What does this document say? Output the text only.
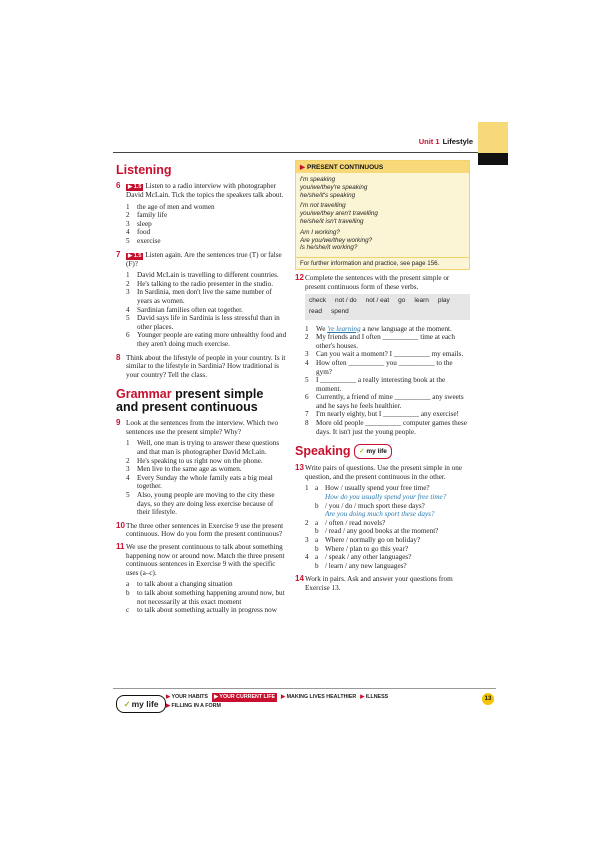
Unit 1 Lifestyle
Listening
6 ▶ 1.5 Listen to a radio interview with photographer David McLain. Tick the topics the speakers talk about.
1 the age of men and women
2 family life
3 sleep
4 food
5 exercise
7 ▶ 1.5 Listen again. Are the sentences true (T) or false (F)?
1 David McLain is travelling to different countries.
2 He's talking to the radio presenter in the studio.
3 In Sardinia, men don't live the same number of years as women.
4 Sardinian families often eat together.
5 David says life in Sardinia is less stressful than in other places.
6 Younger people are eating more unhealthy food and they aren't doing much exercise.
8 Think about the lifestyle of people in your country. Is it similar to the lifestyle in Sardinia? How traditional is your country? Tell the class.
Grammar present simple and present continuous
9 Look at the sentences from the interview. Which two sentences use the present simple? Why?
1 Well, one man is trying to answer these questions and that man is photographer David McLain.
2 He's speaking to us right now on the phone.
3 Men live to the same age as women.
4 Every Sunday the whole family eats a big meal together.
5 Also, young people are moving to the city these days, so they are doing less exercise because of their lifestyle.
10 The three other sentences in Exercise 9 use the present continuous. How do you form the present continuous?
11 We use the present continuous to talk about something happening now or around now. Match the three present continuous sentences in Exercise 9 with the specific uses (a–c).
a to talk about a changing situation
b to talk about something happening around now, but not necessarily at this exact moment
c to talk about something actually in progress now
▶ PRESENT CONTINUOUS
I'm speaking
you/we/they're speaking
he/she/it's speaking
I'm not travelling
you/we/they aren't travelling
he/she/it isn't travelling
Am I working?
Are you/we/they working?
Is he/she/it working?
For further information and practice, see page 156.
12 Complete the sentences with the present simple or present continuous form of these verbs.
check not / do not / eat go learn play
read spend
1 We 're learning a new language at the moment.
2 My friends and I often __________ time at each other's houses.
3 Can you wait a moment? I __________ my emails.
4 How often __________ you __________ to the gym?
5 I __________ a really interesting book at the moment.
6 Currently, a friend of mine __________ any sweets and he says he feels healthier.
7 I'm nearly eighty, but I __________ any exercise!
8 More old people __________ computer games these days. It isn't just the young people.
Speaking ✓ my life
13 Write pairs of questions. Use the present simple in one question, and the present continuous in the other.
1 a How / usually spend your free time?
How do you usually spend your free time?
b / you / do / much sport these days?
Are you doing much sport these days?
2 a / often / read novels?
b / read / any good books at the moment?
3 a Where / normally go on holiday?
b Where / plan to go this year?
4 a / speak / any other languages?
b / learn / any new languages?
14 Work in pairs. Ask and answer your questions from Exercise 13.
✓my life
▶ YOUR HABITS	▶ YOUR CURRENT LIFE	▶ MAKING LIVES HEALTHIER ▶ ILLNESS
▶ FILLING IN A FORM
13
